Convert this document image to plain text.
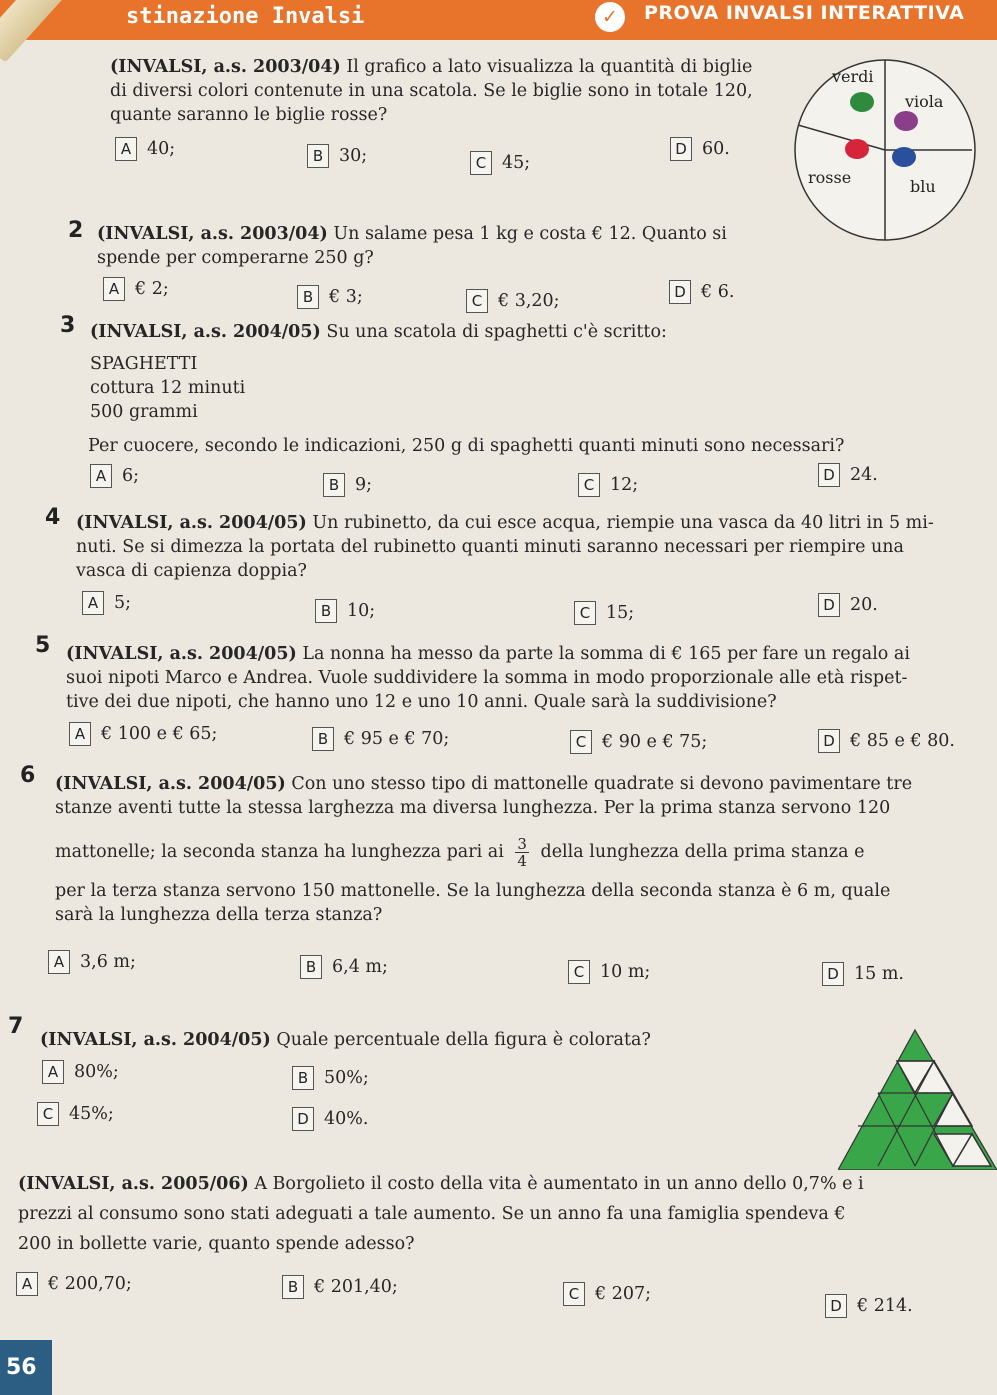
stinazione Invalsi	✓	PROVA INVALSI INTERATTIVA

(INVALSI, a.s. 2003/04) Il grafico a lato visualizza la quantità di biglie

di diversi colori contenute in una scatola. Se le biglie sono in totale 120,

quante saranno le biglie rosse?

A 40;	B 30;	C 45;
D 60.
verdi
viola
rosse	blu
2 (INVALSI, a.s. 2003/04) Un salame pesa 1 kg e costa € 12. Quanto si

spende per comperarne 250 g?

A € 2;	B € 3;	C € 3,20;	D € 6.
3 (INVALSI, a.s. 2004/05) Su una scatola di spaghetti c'è scritto:

SPAGHETTI

cottura 12 minuti

500 grammi

Per cuocere, secondo le indicazioni, 250 g di spaghetti quanti minuti sono necessari?

A 6;	B 9;	C 12;	D 24.
4 (INVALSI, a.s. 2004/05) Un rubinetto, da cui esce acqua, riempie una vasca da 40 litri in 5 mi-

nuti. Se si dimezza la portata del rubinetto quanti minuti saranno necessari per riempire una

vasca di capienza doppia?

A 5;	B 10;	C 15;	D 20.
5 (INVALSI, a.s. 2004/05) La nonna ha messo da parte la somma di € 165 per fare un regalo ai

suoi nipoti Marco e Andrea. Vuole suddividere la somma in modo proporzionale alle età rispet-

tive dei due nipoti, che hanno uno 12 e uno 10 anni. Quale sarà la suddivisione?

A € 100 e € 65;	B € 95 e € 70;	C € 90 e € 75;	D € 85 e € 80.
6 (INVALSI, a.s. 2004/05) Con uno stesso tipo di mattonelle quadrate si devono pavimentare tre

stanze aventi tutte la stessa larghezza ma diversa lunghezza. Per la prima stanza servono 120

mattonelle; la seconda stanza ha lunghezza pari ai $\frac{3}{4}$ della lunghezza della prima stanza e

per la terza stanza servono 150 mattonelle. Se la lunghezza della seconda stanza è 6 m, quale

sarà la lunghezza della terza stanza?

A 3,6 m;	B 6,4 m;	C 10 m;	D 15 m.
7

(INVALSI, a.s. 2004/05) Quale percentuale della figura è colorata?

A 80%;	B 50%;
C 45%;	D 40%.

(INVALSI, a.s. 2005/06) A Borgolieto il costo della vita è aumentato in un anno dello 0,7% e i

prezzi al consumo sono stati adeguati a tale aumento. Se un anno fa una famiglia spendeva €

200 in bollette varie, quanto spende adesso?

A € 200,70;	B € 201,40;	C € 207;
D € 214.
56
